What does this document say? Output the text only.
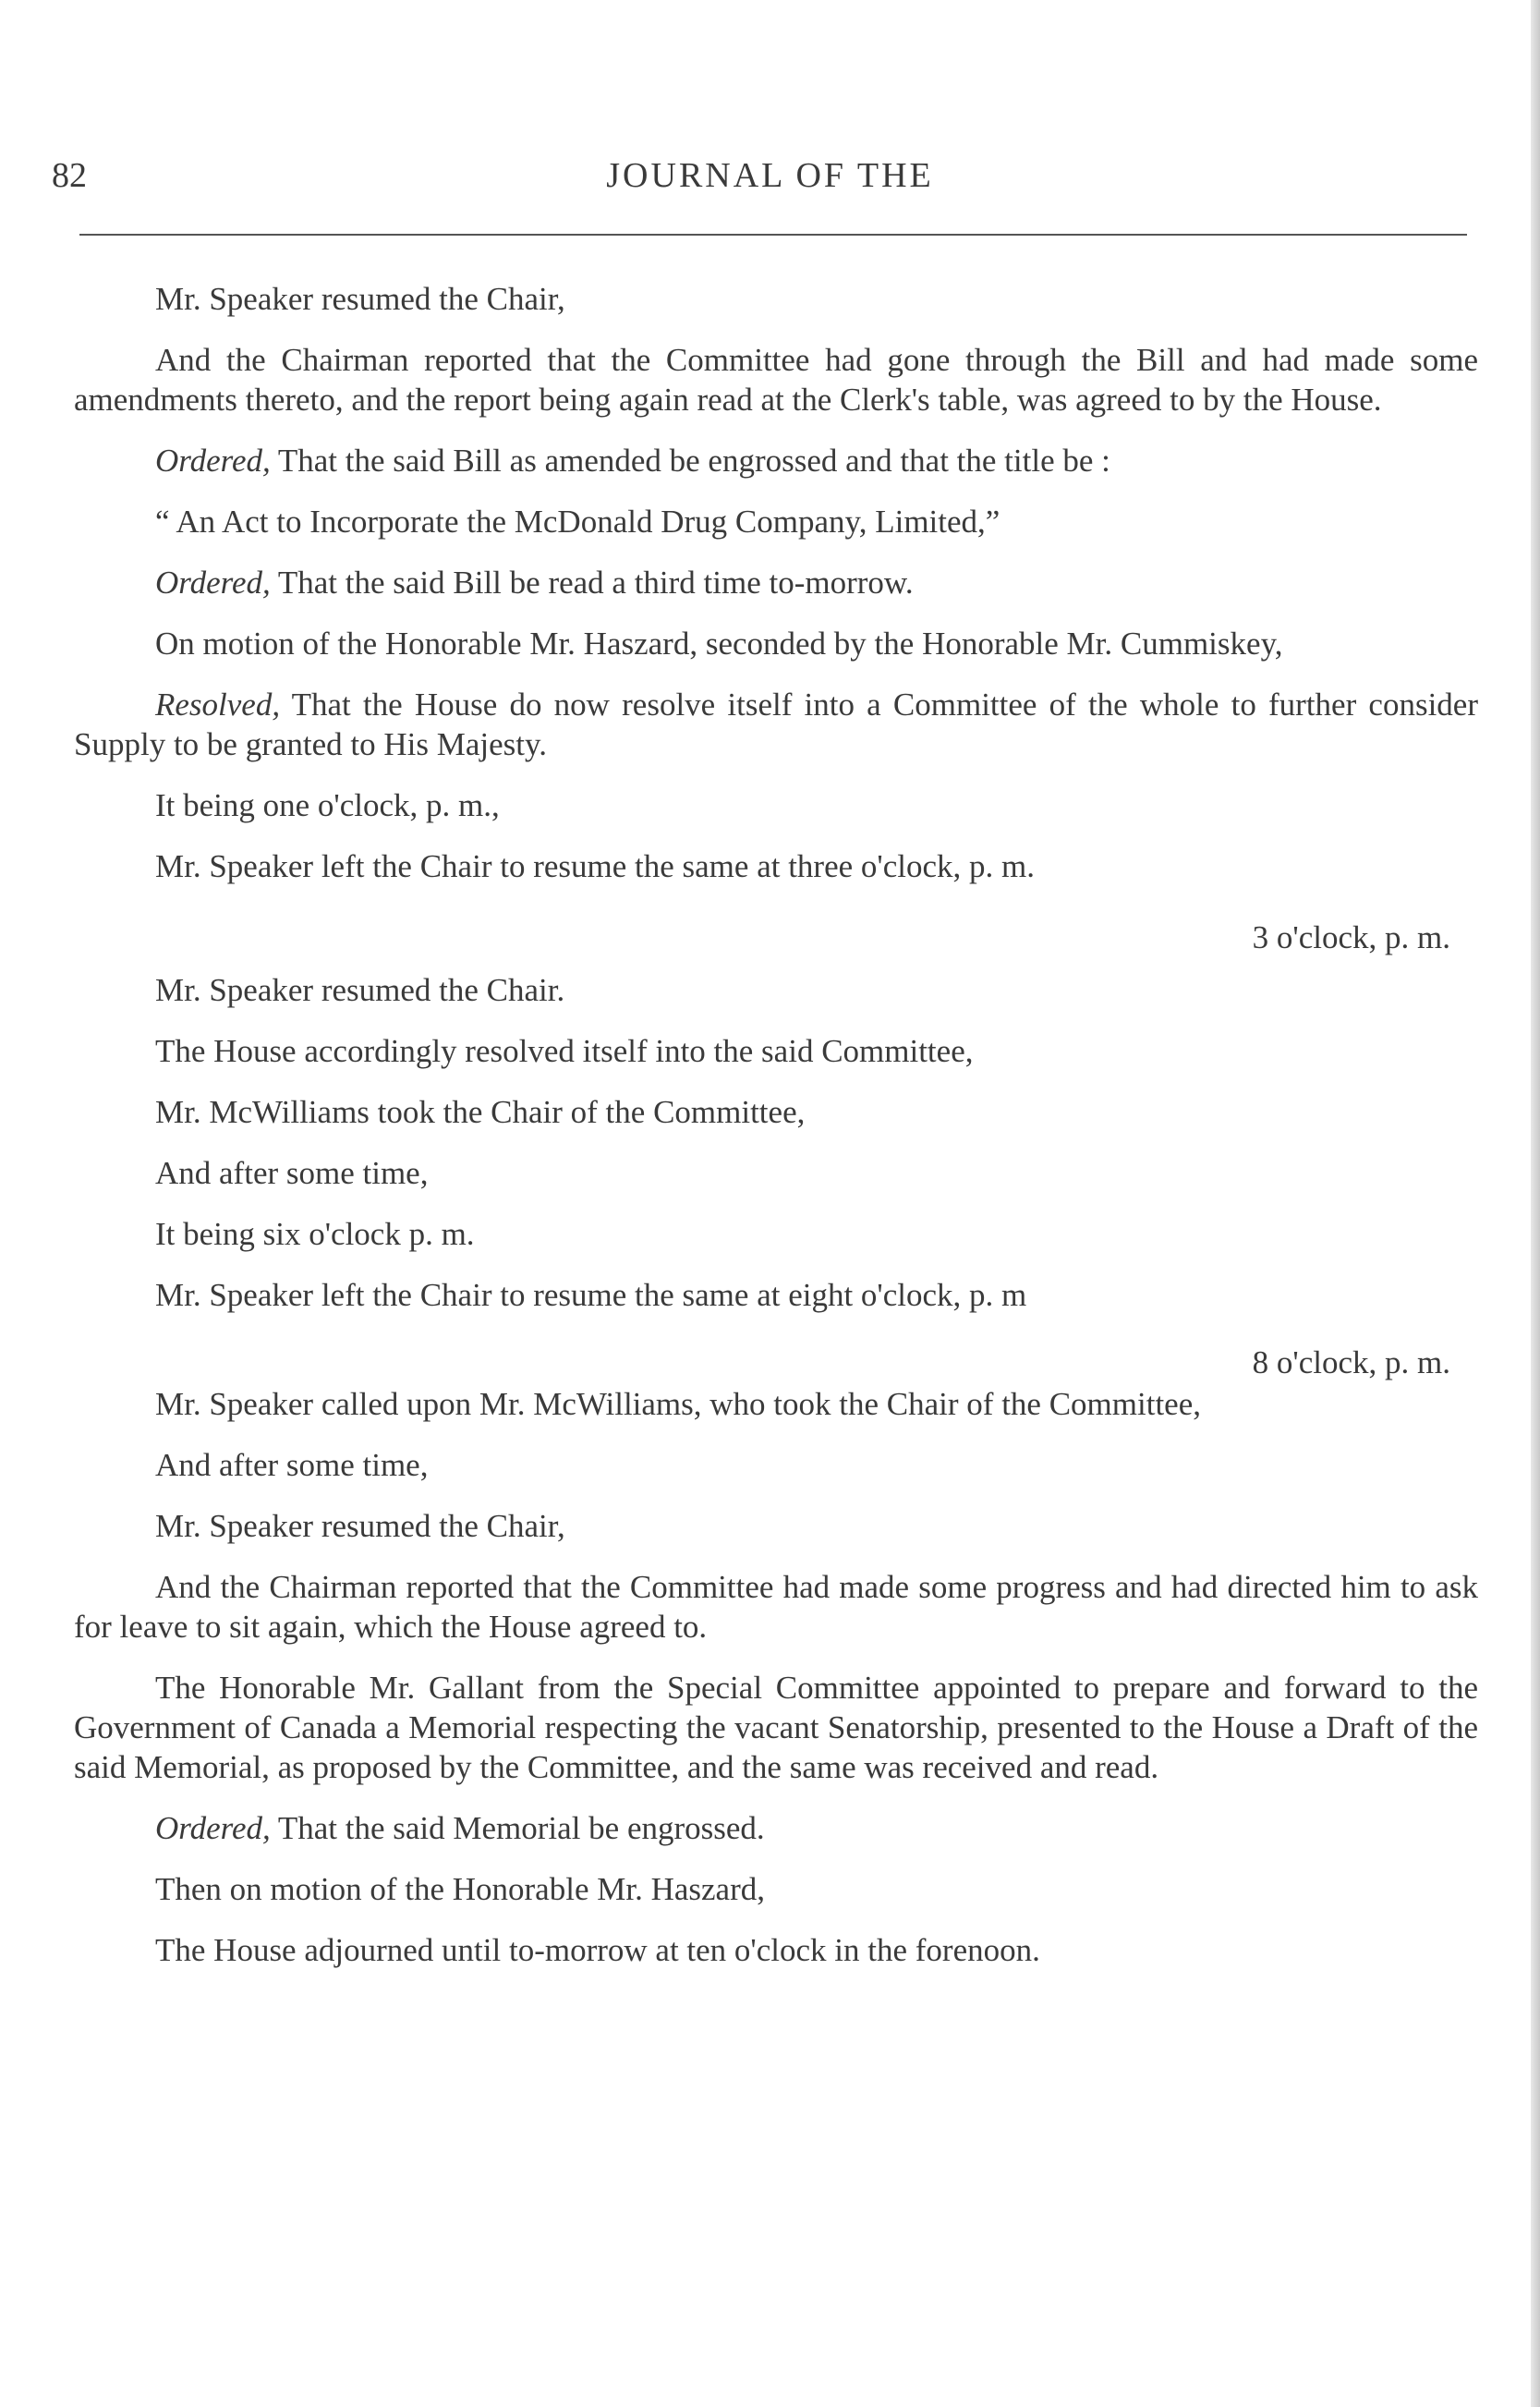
82	JOURNAL OF THE

Mr. Speaker resumed the Chair,

And the Chairman reported that the Committee had gone through the Bill and had made some amendments thereto, and the report being again read at the Clerk's table, was agreed to by the House.

Ordered, That the said Bill as amended be engrossed and that the title be :

“ An Act to Incorporate the McDonald Drug Company, Limited,”

Ordered, That the said Bill be read a third time to-morrow.

On motion of the Honorable Mr. Haszard, seconded by the Honorable Mr. Cummiskey,

Resolved, That the House do now resolve itself into a Committee of the whole to further consider Supply to be granted to His Majesty.

It being one o'clock, p. m.,

Mr. Speaker left the Chair to resume the same at three o'clock, p. m.

3 o'clock, p. m.

Mr. Speaker resumed the Chair.

The House accordingly resolved itself into the said Committee,

Mr. McWilliams took the Chair of the Committee,

And after some time,

It being six o'clock p. m.

Mr. Speaker left the Chair to resume the same at eight o'clock, p. m

8 o'clock, p. m.

Mr. Speaker called upon Mr. McWilliams, who took the Chair of the Committee,

And after some time,

Mr. Speaker resumed the Chair,

And the Chairman reported that the Committee had made some progress and had directed him to ask for leave to sit again, which the House agreed to.

The Honorable Mr. Gallant from the Special Committee appointed to prepare and forward to the Government of Canada a Memorial respecting the vacant Senatorship, presented to the House a Draft of the said Memorial, as proposed by the Committee, and the same was received and read.

Ordered, That the said Memorial be engrossed.

Then on motion of the Honorable Mr. Haszard,

The House adjourned until to-morrow at ten o'clock in the forenoon.
